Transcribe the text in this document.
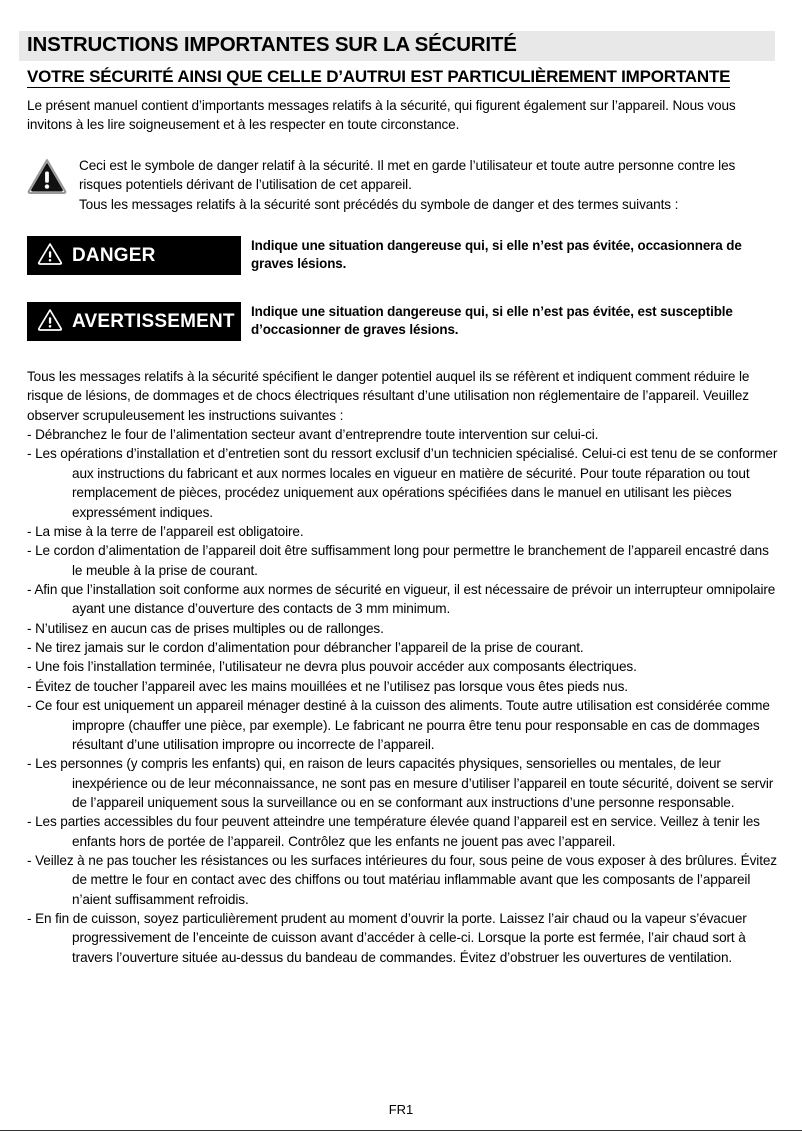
INSTRUCTIONS IMPORTANTES SUR LA SÉCURITÉ
VOTRE SÉCURITÉ AINSI QUE CELLE D’AUTRUI EST PARTICULIÈREMENT IMPORTANTE
Le présent manuel contient d’importants messages relatifs à la sécurité, qui figurent également sur l’appareil. Nous vous invitons à les lire soigneusement et à les respecter en toute circonstance.
Ceci est le symbole de danger relatif à la sécurité. Il met en garde l’utilisateur et toute autre personne contre les risques potentiels dérivant de l’utilisation de cet appareil.
Tous les messages relatifs à la sécurité sont précédés du symbole de danger et des termes suivants :
DANGER	Indique une situation dangereuse qui, si elle n’est pas évitée, occasionnera de graves lésions.
AVERTISSEMENT Indique une situation dangereuse qui, si elle n’est pas évitée, est susceptible d’occasionner de graves lésions.
Tous les messages relatifs à la sécurité spécifient le danger potentiel auquel ils se réfèrent et indiquent comment réduire le risque de lésions, de dommages et de chocs électriques résultant d’une utilisation non réglementaire de l’appareil. Veuillez observer scrupuleusement les instructions suivantes :
- Débranchez le four de l’alimentation secteur avant d’entreprendre toute intervention sur celui-ci.
- Les opérations d’installation et d’entretien sont du ressort exclusif d’un technicien spécialisé. Celui-ci est tenu de se conformer aux instructions du fabricant et aux normes locales en vigueur en matière de sécurité. Pour toute réparation ou tout remplacement de pièces, procédez uniquement aux opérations spécifiées dans le manuel en utilisant les pièces expressément indiques.
- La mise à la terre de l’appareil est obligatoire.
- Le cordon d’alimentation de l’appareil doit être suffisamment long pour permettre le branchement de l’appareil encastré dans le meuble à la prise de courant.
- Afin que l’installation soit conforme aux normes de sécurité en vigueur, il est nécessaire de prévoir un interrupteur omnipolaire ayant une distance d’ouverture des contacts de 3 mm minimum.
- N’utilisez en aucun cas de prises multiples ou de rallonges.
- Ne tirez jamais sur le cordon d’alimentation pour débrancher l’appareil de la prise de courant.
- Une fois l’installation terminée, l’utilisateur ne devra plus pouvoir accéder aux composants électriques.
- Évitez de toucher l’appareil avec les mains mouillées et ne l’utilisez pas lorsque vous êtes pieds nus.
- Ce four est uniquement un appareil ménager destiné à la cuisson des aliments. Toute autre utilisation est considérée comme impropre (chauffer une pièce, par exemple). Le fabricant ne pourra être tenu pour responsable en cas de dommages résultant d’une utilisation impropre ou incorrecte de l’appareil.
- Les personnes (y compris les enfants) qui, en raison de leurs capacités physiques, sensorielles ou mentales, de leur inexpérience ou de leur méconnaissance, ne sont pas en mesure d’utiliser l’appareil en toute sécurité, doivent se servir de l’appareil uniquement sous la surveillance ou en se conformant aux instructions d’une personne responsable.
- Les parties accessibles du four peuvent atteindre une température élevée quand l’appareil est en service. Veillez à tenir les enfants hors de portée de l’appareil. Contrôlez que les enfants ne jouent pas avec l’appareil.
- Veillez à ne pas toucher les résistances ou les surfaces intérieures du four, sous peine de vous exposer à des brûlures. Évitez de mettre le four en contact avec des chiffons ou tout matériau inflammable avant que les composants de l’appareil n’aient suffisamment refroidis.
- En fin de cuisson, soyez particulièrement prudent au moment d’ouvrir la porte. Laissez l’air chaud ou la vapeur s’évacuer progressivement de l’enceinte de cuisson avant d’accéder à celle-ci. Lorsque la porte est fermée, l’air chaud sort à travers l’ouverture située au-dessus du bandeau de commandes. Évitez d’obstruer les ouvertures de ventilation.
FR1
